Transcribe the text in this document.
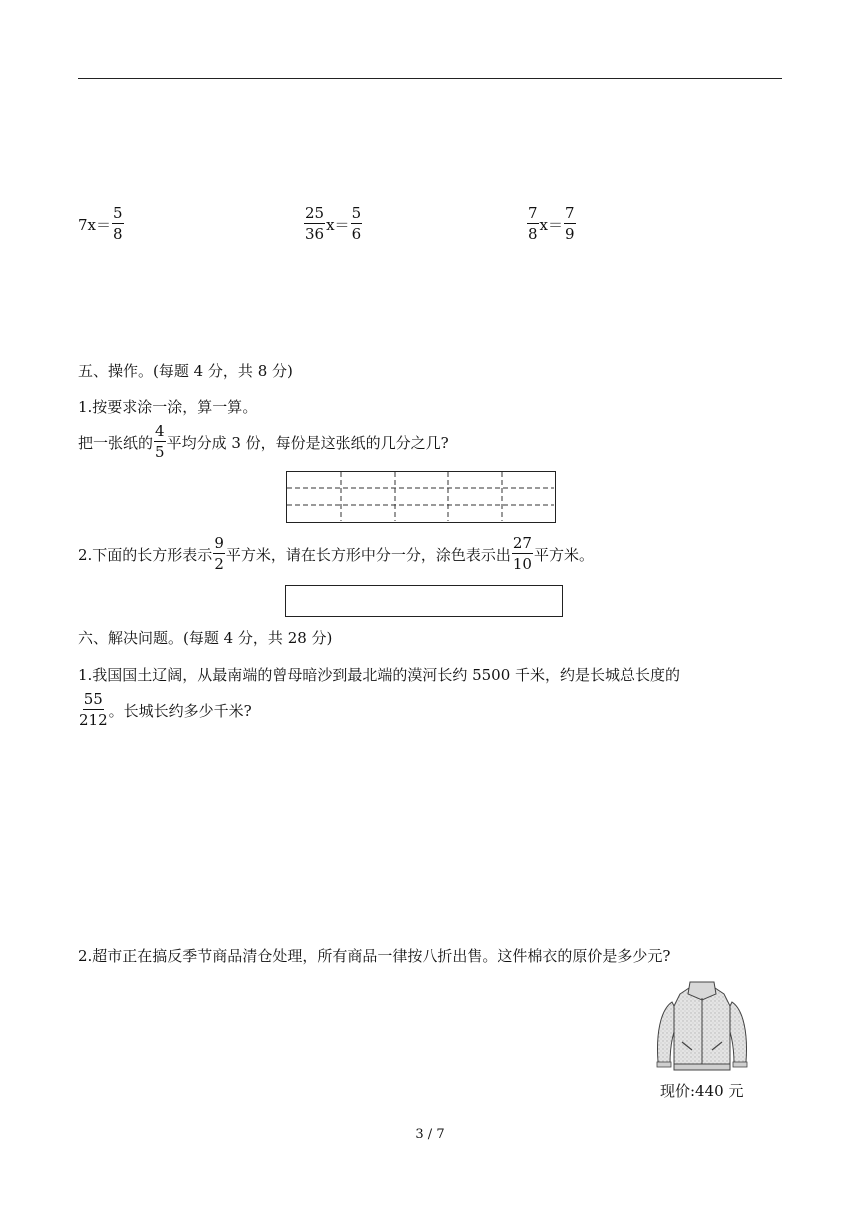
$7x= \frac{5}{8}$	$\frac{25}{36} x= \frac{5}{6}$	$\frac{7}{8} x= \frac{7}{9}$
五、操作。(每题 4 分，共 8 分)
1.按要求涂一涂，算一算。
把一张纸的 $\frac{4}{5}$ 平均分成 3 份，每份是这张纸的几分之几?
2.下面的长方形表示 $\frac{9}{2}$ 平方米，请在长方形中分一分，涂色表示出 $\frac{27}{10}$ 平方米。
六、解决问题。(每题 4 分，共 28 分)
1.我国国土辽阔，从最南端的曾母暗沙到最北端的漠河长约 5500 千米，约是长城总长度的
$\frac{55}{212}$ 。长城长约多少千米?
2.超市正在搞反季节商品清仓处理，所有商品一律按八折出售。这件棉衣的原价是多少元?
现价:440 元
3 / 7
